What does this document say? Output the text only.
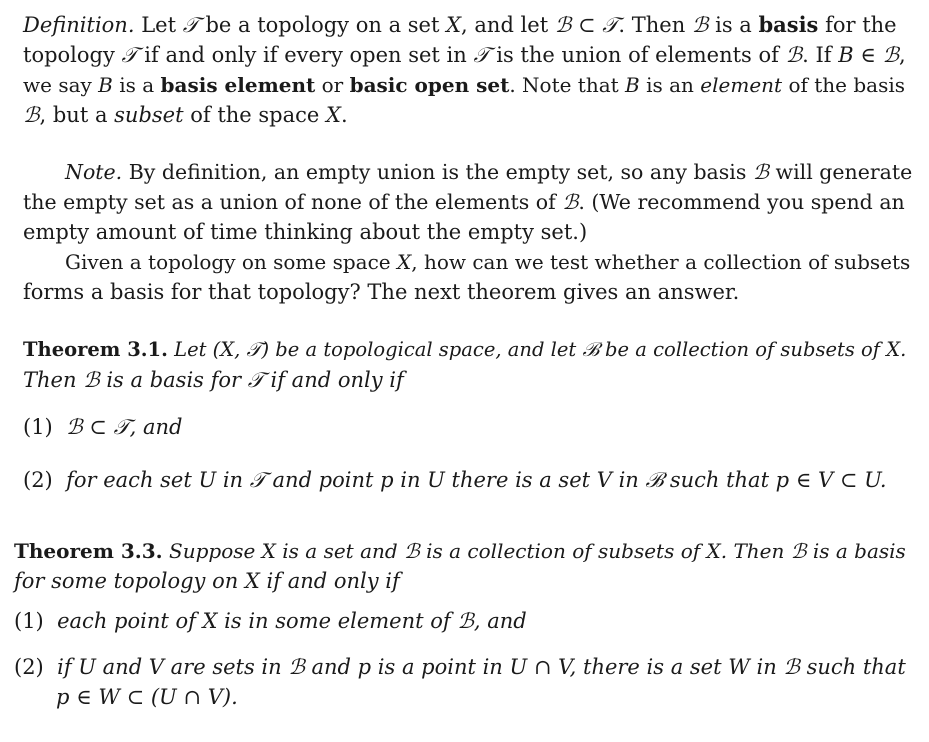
Definition. Let 𝒯 be a topology on a set X, and let ℬ ⊂ 𝒯. Then ℬ is a basis for the
topology 𝒯 if and only if every open set in 𝒯 is the union of elements of ℬ. If B ∈ ℬ,
we say B is a basis element or basic open set. Note that B is an element of the basis
ℬ, but a subset of the space X.
Note. By definition, an empty union is the empty set, so any basis ℬ will generate
the empty set as a union of none of the elements of ℬ. (We recommend you spend an
empty amount of time thinking about the empty set.)
Given a topology on some space X, how can we test whether a collection of subsets
forms a basis for that topology? The next theorem gives an answer.
Theorem 3.1. Let (X, 𝒯) be a topological space, and let ℬ be a collection of subsets of X.
Then ℬ is a basis for 𝒯 if and only if
(1) ℬ ⊂ 𝒯, and
(2) for each set U in 𝒯 and point p in U there is a set V in ℬ such that p ∈ V ⊂ U.
Theorem 3.3. Suppose X is a set and ℬ is a collection of subsets of X. Then ℬ is a basis
for some topology on X if and only if
(1) each point of X is in some element of ℬ, and
(2) if U and V are sets in ℬ and p is a point in U ∩ V, there is a set W in ℬ such that
p ∈ W ⊂ (U ∩ V).
